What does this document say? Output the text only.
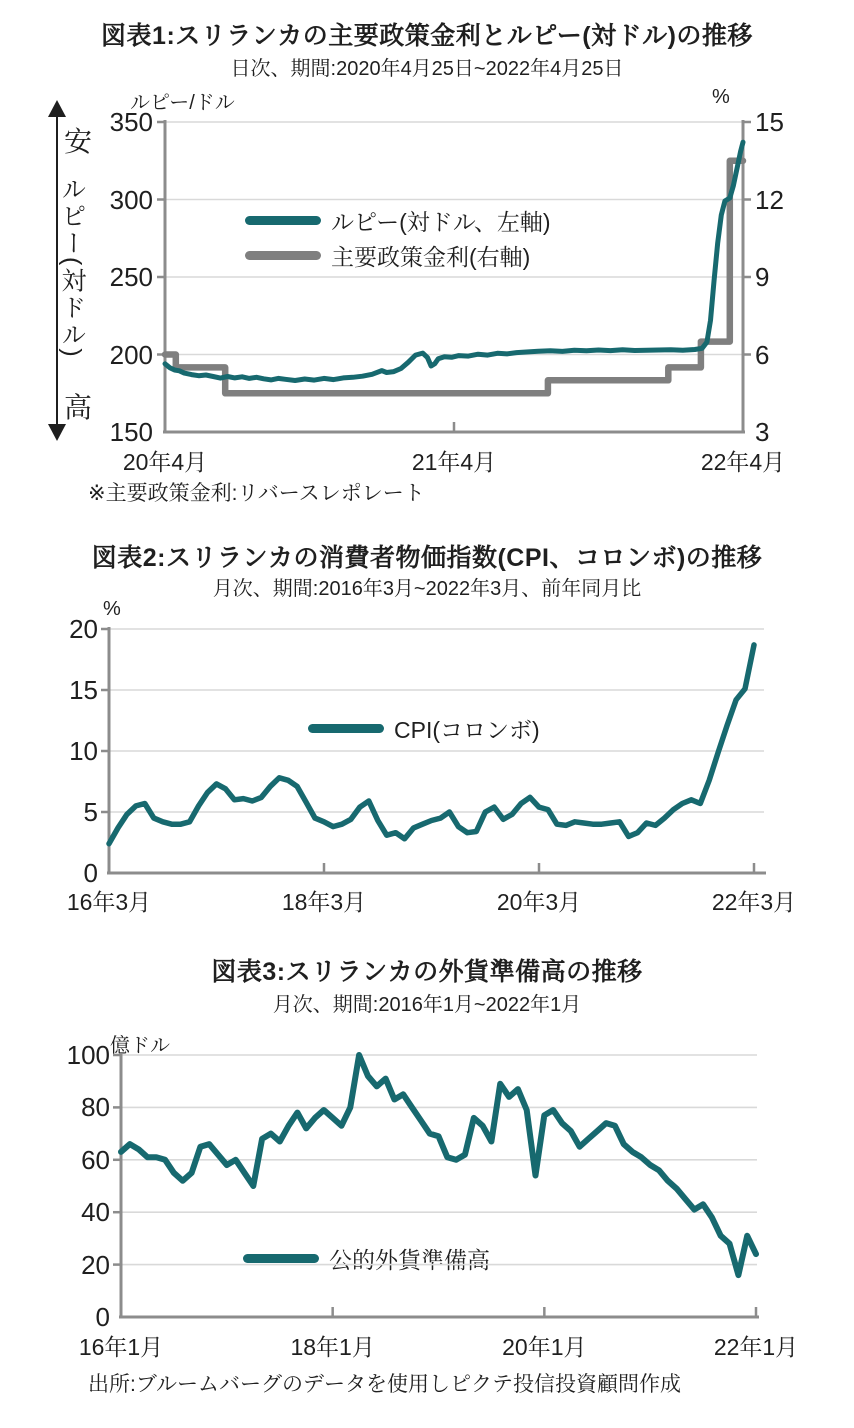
図表1:スリランカの主要政策金利とルピー(対ドル)の推移
日次、期間:2020年4月25日~2022年4月25日
ルピー/ドル	%
安
ルピー(対ドル)
高
ルピー(対ドル、左軸)
主要政策金利(右軸)
※主要政策金利:リバースレポレート
図表2:スリランカの消費者物価指数(CPI、コロンボ)の推移
月次、期間:2016年3月~2022年3月、前年同月比
%
CPI(コロンボ)
図表3:スリランカの外貨準備高の推移
月次、期間:2016年1月~2022年1月
億ドル
公的外貨準備高
出所:ブルームバーグのデータを使用しピクテ投信投資顧問作成
150
200
250
300
350
3
6
9
12
15
20年4月	21年4月	22年4月
0
5
10
15
20
16年3月	18年3月	20年3月	22年3月
0
20
40
60
80
100
16年1月	18年1月	20年1月	22年1月
